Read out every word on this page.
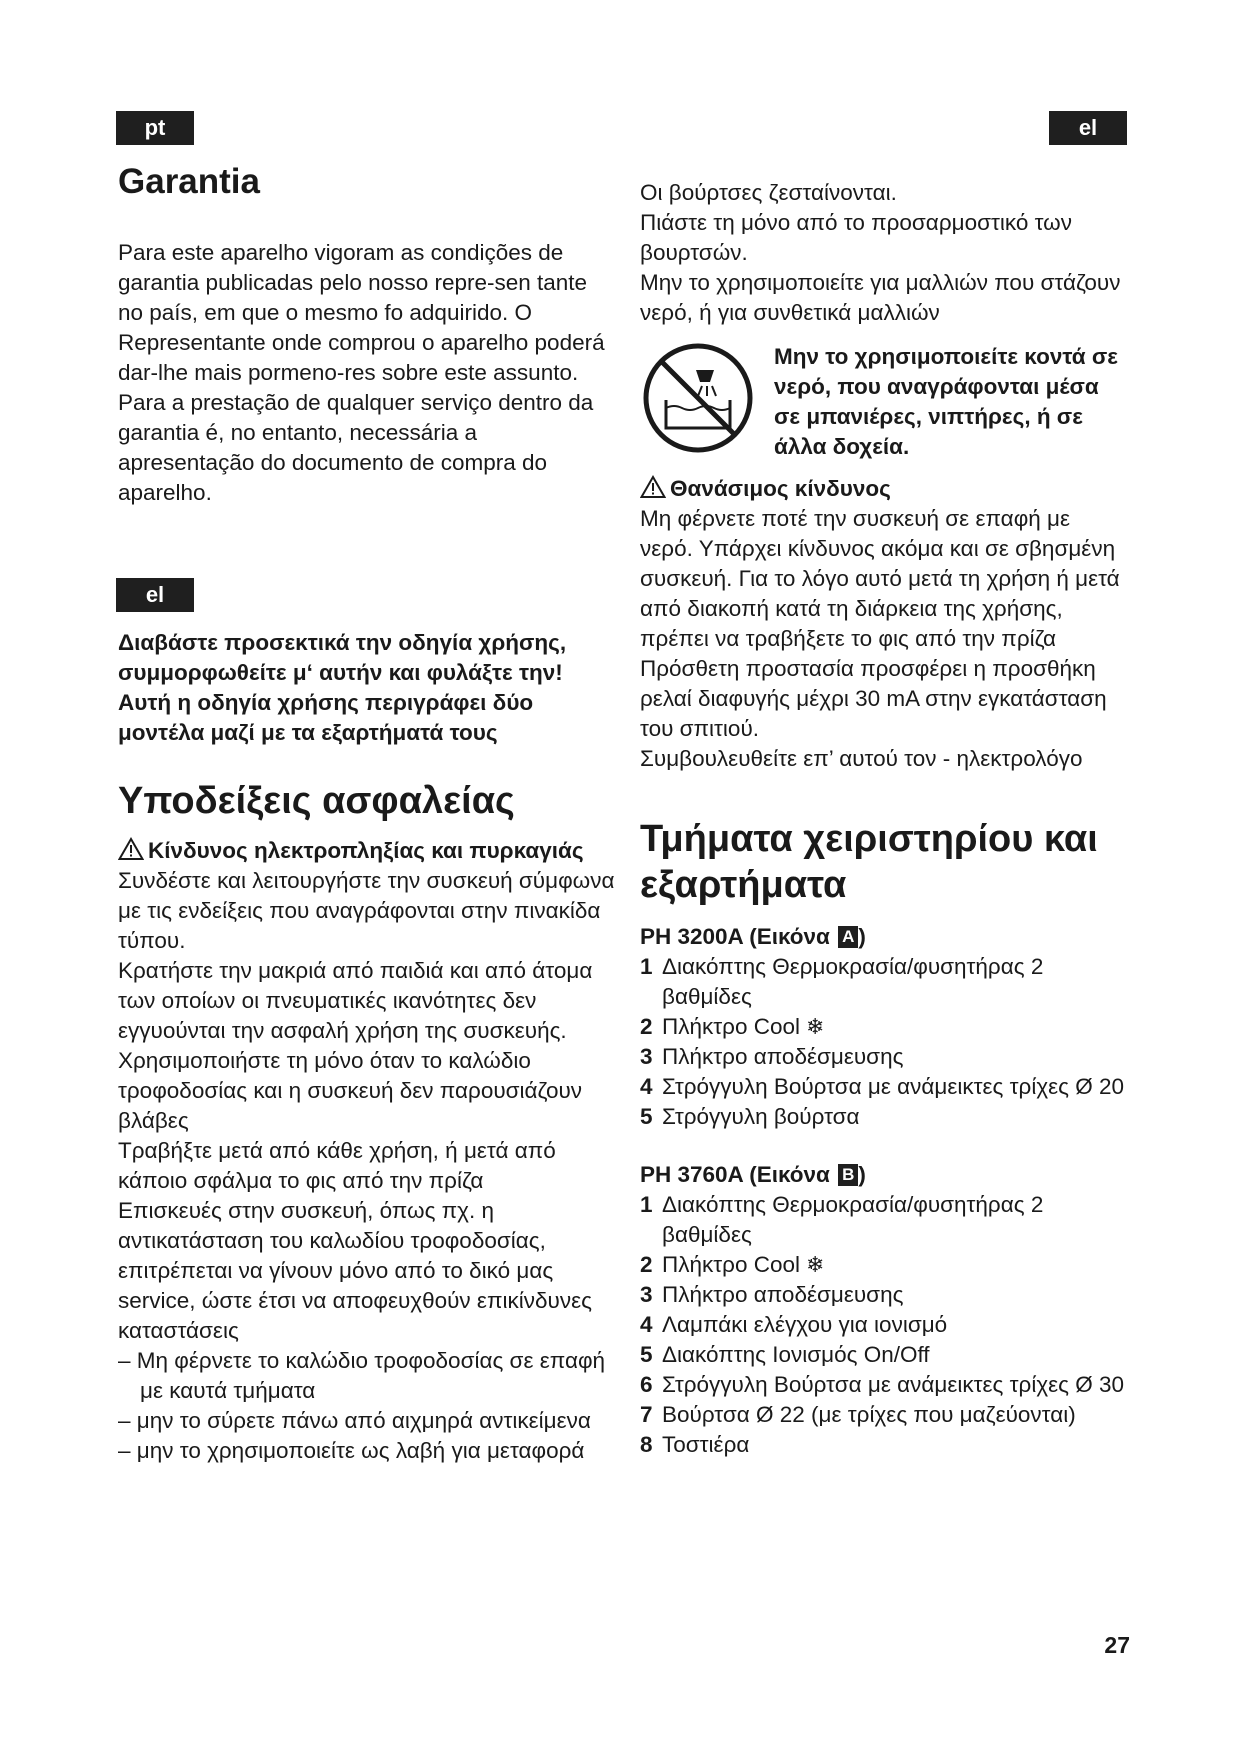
pt	el
Garantia

Para este aparelho vigoram as condições de garantia publicadas pelo nosso repre-sen tante no país, em que o mesmo fo adquirido. O Representante onde comprou o aparelho poderá dar-lhe mais pormeno-res sobre este assunto. Para a prestação de qualquer serviço dentro da garantia é, no entanto, necessária a apresentação do documento de compra do aparelho.

el

Διαβάστε προσεκτικά την οδηγία χρήσης, συμμορφωθείτε μ‘ αυτήν και φυλάξτε την!

Αυτή η οδηγία χρήσης περιγράφει δύο μοντέλα μαζί με τα εξαρτήματά τους

Υποδείξεις ασφαλείας
Κίνδυνος ηλεκτροπληξίας και πυρκαγιάς

Συνδέστε και λειτουργήστε την συσκευή σύμφωνα με τις ενδείξεις που αναγράφονται στην πινακίδα τύπου.

Κρατήστε την μακριά από παιδιά και από άτομα των οποίων οι πνευματικές ικανότητες δεν εγγυούνται την ασφαλή χρήση της συσκευής.

Χρησιμοποιήστε τη μόνο όταν το καλώδιο τροφοδοσίας και η συσκευή δεν παρουσιάζουν βλάβες

Τραβήξτε μετά από κάθε χρήση, ή μετά από κάποιο σφάλμα το φις από την πρίζα

Επισκευές στην συσκευή, όπως πχ. η αντικατάσταση του καλωδίου τροφοδοσίας, επιτρέπεται να γίνουν μόνο από το δικό μας service, ώστε έτσι να αποφευχθούν επικίνδυνες καταστάσεις

– Μη φέρνετε το καλώδιο τροφοδοσίας σε επαφή με καυτά τμήματα
– μην το σύρετε πάνω από αιχμηρά αντικείμενα
– μην το χρησιμοποιείτε ως λαβή για μεταφορά

Οι βούρτσες ζεσταίνονται.

Πιάστε τη μόνο από το προσαρμοστικό των βουρτσών.

Μην το χρησιμοποιείτε για μαλλιών που στάζουν νερό, ή για συνθετικά μαλλιών

Μην το χρησιμοποιείτε κοντά σε νερό, που αναγράφονται μέσα σε μπανιέρες, νιπτήρες, ή σε άλλα δοχεία.

Θανάσιμος κίνδυνος

Μη φέρνετε ποτέ την συσκευή σε επαφή με νερό. Υπάρχει κίνδυνος ακόμα και σε σβησμένη συσκευή. Για το λόγο αυτό μετά τη χρήση ή μετά από διακοπή κατά τη διάρκεια της χρήσης, πρέπει να τραβήξετε το φις από την πρίζα

Πρόσθετη προστασία προσφέρει η προσθήκη ρελαί διαφυγής μέχρι 30 mA στην εγκατάσταση του σπιτιού.

Συμβουλευθείτε επ’ αυτού τον - ηλεκτρολόγο

Τμήματα χειριστηρίου και εξαρτήματα
PH 3200A (Εικόνα A )
1 Διακόπτης Θερμοκρασία/φυσητήρας 2 βαθμίδες
2 Πλήκτρο Cool ❄
3 Πλήκτρο αποδέσμευσης
4 Στρόγγυλη Βούρτσα με ανάμεικτες τρίχες Ø 20
5 Στρόγγυλη βούρτσα
PH 3760A (Εικόνα B )
1 Διακόπτης Θερμοκρασία/φυσητήρας 2 βαθμίδες
2 Πλήκτρο Cool ❄
3 Πλήκτρο αποδέσμευσης
4 Λαμπάκι ελέγχου για ιονισμό
5 Διακόπτης Ιονισμός On/Off
6 Στρόγγυλη Βούρτσα με ανάμεικτες τρίχες Ø 30
7 Βούρτσα Ø 22 (με τρίχες που μαζεύονται)
8 Τοστιέρα
27
